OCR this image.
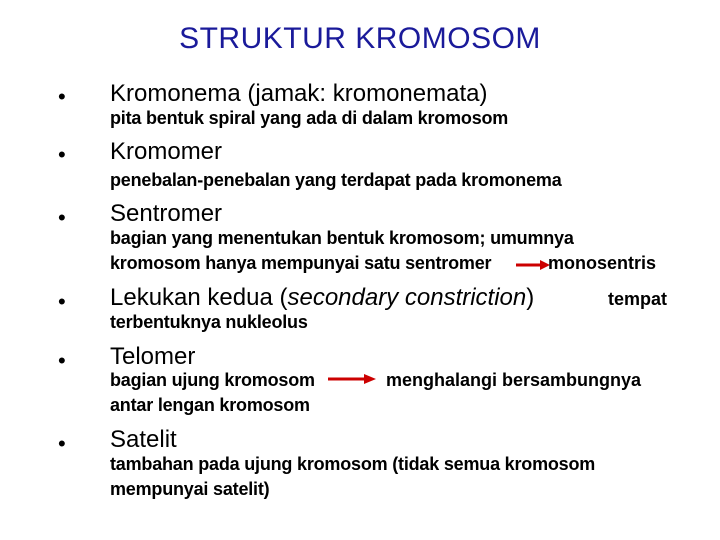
STRUKTUR KROMOSOM
• Kromonema (jamak: kromonemata)
pita bentuk spiral yang ada di dalam kromosom
• Kromomer
penebalan-penebalan yang terdapat pada kromonema
• Sentromer
bagian yang menentukan bentuk kromosom; umumnya
kromosom hanya mempunyai satu sentromer	monosentris
• Lekukan kedua (secondary constriction)	tempat
terbentuknya nukleolus
• Telomer
bagian ujung kromosom	menghalangi bersambungnya
antar lengan kromosom
• Satelit
tambahan pada ujung kromosom (tidak semua kromosom
mempunyai satelit)
